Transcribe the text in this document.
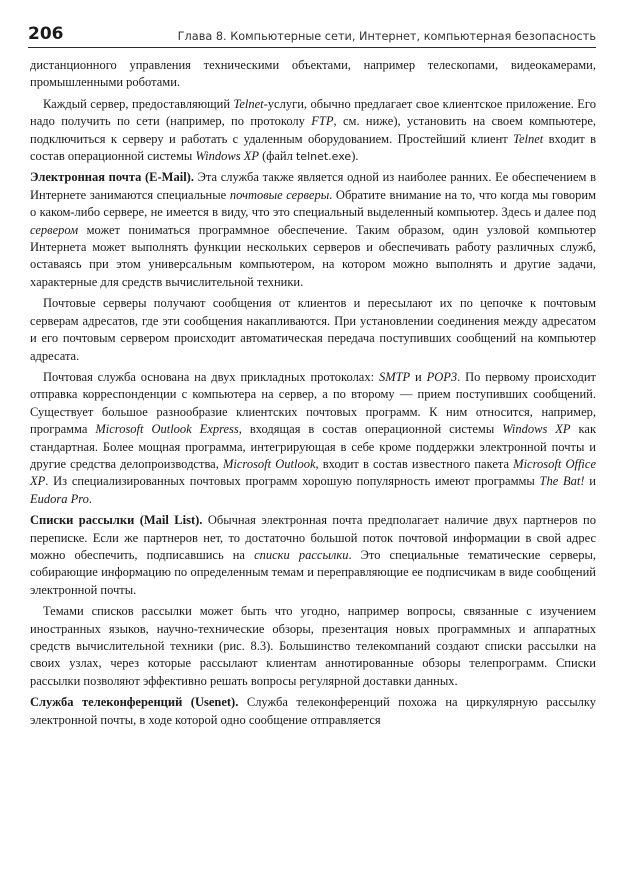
206	Глава 8. Компьютерные сети, Интернет, компьютерная безопасность

дистанционного управления техническими объектами, например телескопами, видеокамерами, промышленными роботами.

Каждый сервер, предоставляющий Telnet-услуги, обычно предлагает свое клиентское приложение. Его надо получить по сети (например, по протоколу FTP, см. ниже), установить на своем компьютере, подключиться к серверу и работать с удаленным оборудованием. Простейший клиент Telnet входит в состав операционной системы Windows XP (файл telnet.exe).

Электронная почта (E-Mail). Эта служба также является одной из наиболее ранних. Ее обеспечением в Интернете занимаются специальные почтовые серверы. Обратите внимание на то, что когда мы говорим о каком-либо сервере, не имеется в виду, что это специальный выделенный компьютер. Здесь и далее под сервером может пониматься программное обеспечение. Таким образом, один узловой компьютер Интернета может выполнять функции нескольких серверов и обеспечивать работу различных служб, оставаясь при этом универсальным компьютером, на котором можно выполнять и другие задачи, характерные для средств вычислительной техники.

Почтовые серверы получают сообщения от клиентов и пересылают их по цепочке к почтовым серверам адресатов, где эти сообщения накапливаются. При установлении соединения между адресатом и его почтовым сервером происходит автоматическая передача поступивших сообщений на компьютер адресата.

Почтовая служба основана на двух прикладных протоколах: SMTP и POP3. По первому происходит отправка корреспонденции с компьютера на сервер, а по второму — прием поступивших сообщений. Существует большое разнообразие клиентских почтовых программ. К ним относится, например, программа Microsoft Outlook Express, входящая в состав операционной системы Windows XP как стандартная. Более мощная программа, интегрирующая в себе кроме поддержки электронной почты и другие средства делопроизводства, Microsoft Outlook, входит в состав известного пакета Microsoft Office XP. Из специализированных почтовых программ хорошую популярность имеют программы The Bat! и Eudora Pro.

Списки рассылки (Mail List). Обычная электронная почта предполагает наличие двух партнеров по переписке. Если же партнеров нет, то достаточно большой поток почтовой информации в свой адрес можно обеспечить, подписавшись на списки рассылки. Это специальные тематические серверы, собирающие информацию по определенным темам и переправляющие ее подписчикам в виде сообщений электронной почты.

Темами списков рассылки может быть что угодно, например вопросы, связанные с изучением иностранных языков, научно-технические обзоры, презентация новых программных и аппаратных средств вычислительной техники (рис. 8.3). Большинство телекомпаний создают списки рассылки на своих узлах, через которые рассылают клиентам аннотированные обзоры телепрограмм. Списки рассылки позволяют эффективно решать вопросы регулярной доставки данных.

Служба телеконференций (Usenet). Служба телеконференций похожа на циркулярную рассылку электронной почты, в ходе которой одно сообщение отправляется
